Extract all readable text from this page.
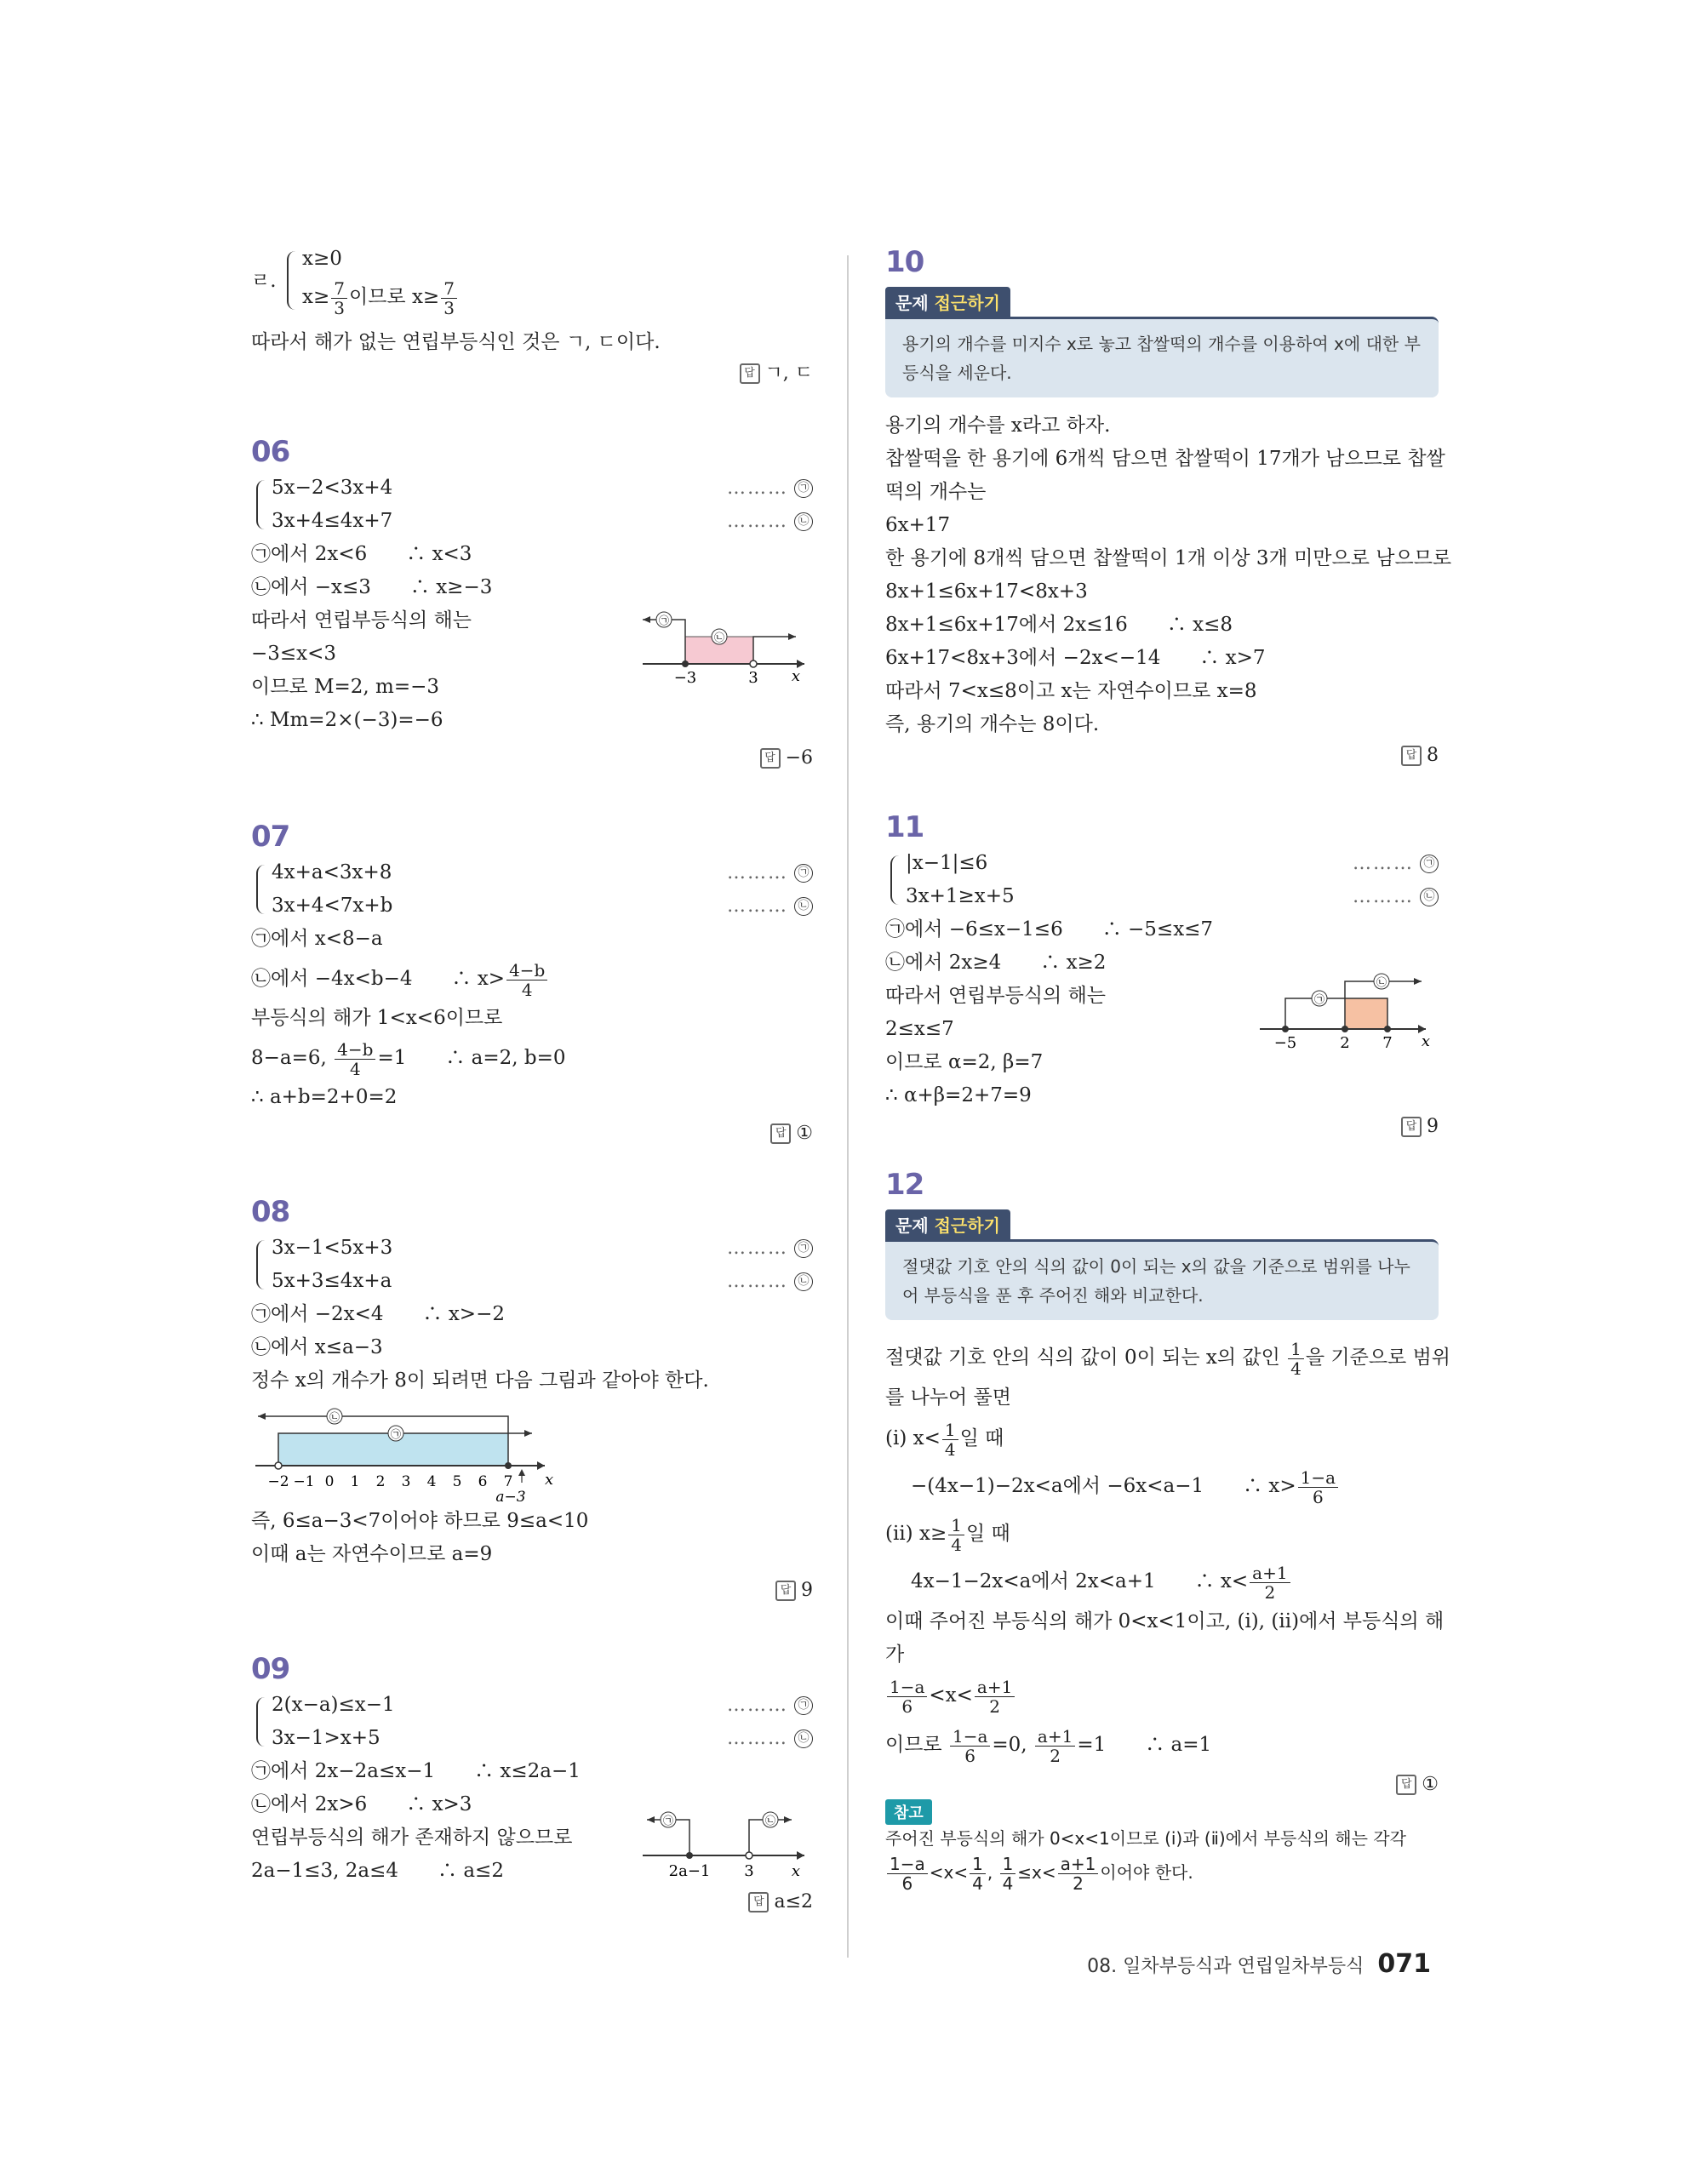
ㄹ.
x≥0
$x\ge \frac{7}{3}$ 이므로 $x\ge \frac{7}{3}$
따라서 해가 없는 연립부등식인 것은 ㄱ, ㄷ이다.
답 ㄱ, ㄷ
06
5x−2<3x+4	……… ㉠
3x+4≤4x+7	……… ㉡
㉠에서 2x<6　　∴ x<3
㉡에서 −x≤3　　∴ x≥−3
따라서 연립부등식의 해는
−3≤x<3
이므로 M=2, m=−3
∴ Mm=2×(−3)=−6
㉠
㉡
−3	3 x
답 −6
07
4x+a<3x+8	……… ㉠
3x+4<7x+b	……… ㉡
㉠에서 x<8−a
㉡에서 −4x<b−4　　∴ $x> \frac{4-b}{4}$
부등식의 해가 1<x<6이므로
8−a=6, $\frac{4-b}{4} =1$　　∴ a=2, b=0
∴ a+b=2+0=2
답 ①
08
3x−1<5x+3	……… ㉠
5x+3≤4x+a	……… ㉡
㉠에서 −2x<4　　∴ x>−2
㉡에서 x≤a−3
정수 x의 개수가 8이 되려면 다음 그림과 같아야 한다.
㉡
㉠
−2 −1 0 1 2 3 4 5 6 7 x
a−3
즉, 6≤a−3<7이어야 하므로 9≤a<10
이때 a는 자연수이므로 a=9
답 9
09
2(x−a)≤x−1	……… ㉠
3x−1>x+5	……… ㉡
㉠에서 2x−2a≤x−1　　∴ x≤2a−1
㉡에서 2x>6　　∴ x>3
연립부등식의 해가 존재하지 않으므로
2a−1≤3, 2a≤4　　∴ a≤2
㉠	㉡
2a−1 3 x
답 a≤2
10
문제 접근하기
용기의 개수를 미지수 x로 놓고 찹쌀떡의 개수를 이용하여 x에 대한 부등식을 세운다.
용기의 개수를 x라고 하자.
찹쌀떡을 한 용기에 6개씩 담으면 찹쌀떡이 17개가 남으므로 찹쌀
떡의 개수는
6x+17
한 용기에 8개씩 담으면 찹쌀떡이 1개 이상 3개 미만으로 남으므로
8x+1≤6x+17<8x+3
8x+1≤6x+17에서 2x≤16　　∴ x≤8
6x+17<8x+3에서 −2x<−14　　∴ x>7
따라서 7<x≤8이고 x는 자연수이므로 x=8
즉, 용기의 개수는 8이다.
답 8
11
|x−1|≤6	……… ㉠
3x+1≥x+5	……… ㉡
㉠에서 −6≤x−1≤6　　∴ −5≤x≤7
㉡에서 2x≥4　　∴ x≥2
따라서 연립부등식의 해는
2≤x≤7
이므로 α=2, β=7
∴ α+β=2+7=9
㉠
㉡
−5	2 7 x
답 9
12
문제 접근하기
절댓값 기호 안의 식의 값이 0이 되는 x의 값을 기준으로 범위를 나누어 부등식을 푼 후 주어진 해와 비교한다.
절댓값 기호 안의 식의 값이 0이 되는 x의 값인 $\frac{1}{4}$ 을 기준으로 범위
를 나누어 풀면
(ⅰ) $x< \frac{1}{4}$ 일 때
−(4x−1)−2x<a에서 −6x<a−1　　∴ $x> \frac{1-a}{6}$
(ⅱ) $x\ge \frac{1}{4}$ 일 때
4x−1−2x<a에서 2x<a+1　　∴ $x< \frac{a+1}{2}$
이때 주어진 부등식의 해가 0<x<1이고, (ⅰ), (ⅱ)에서 부등식의 해
가
$\frac{1-a}{6} <x< \frac{a+1}{2}$
이므로 $\frac{1-a}{6} =0$, $\frac{a+1}{2} =1$　　∴ a=1
답 ①
참고
주어진 부등식의 해가 0<x<1이므로 (ⅰ)과 (ⅱ)에서 부등식의 해는 각각
$\frac{1-a}{6} <x< \frac{1}{4}$ , $\frac{1}{4} \le x< \frac{a+1}{2}$ 이어야 한다.
08. 일차부등식과 연립일차부등식 071
